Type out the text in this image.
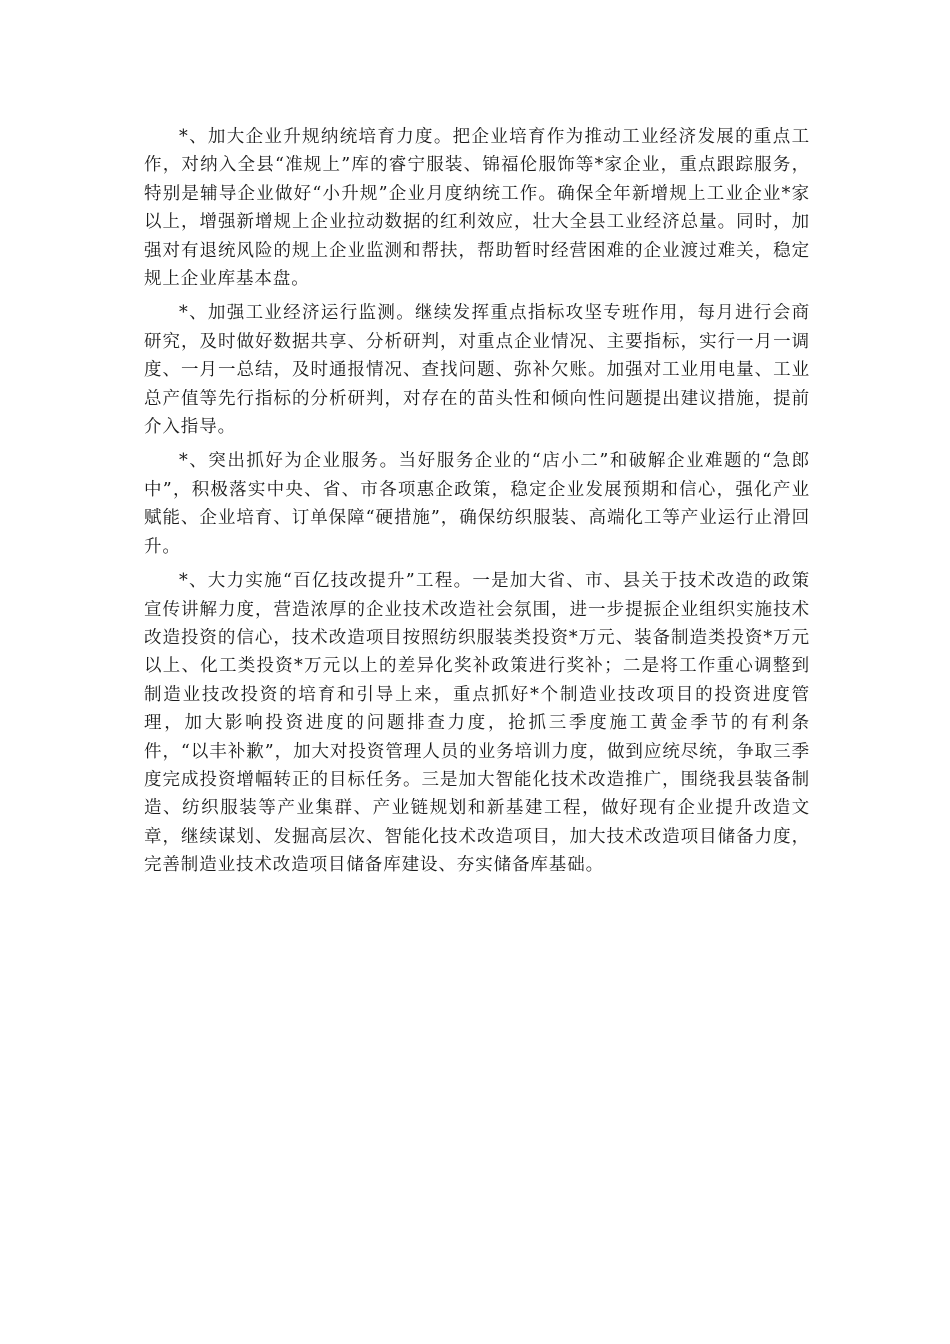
*、加大企业升规纳统培育力度。把企业培育作为推动工业经济发展的重点工作，对纳入全县“准规上”库的睿宁服装、锦福伦服饰等*家企业，重点跟踪服务，特别是辅导企业做好“小升规”企业月度纳统工作。确保全年新增规上工业企业*家以上，增强新增规上企业拉动数据的红利效应，壮大全县工业经济总量。同时，加强对有退统风险的规上企业监测和帮扶，帮助暂时经营困难的企业渡过难关，稳定规上企业库基本盘。

*、加强工业经济运行监测。继续发挥重点指标攻坚专班作用，每月进行会商研究，及时做好数据共享、分析研判，对重点企业情况、主要指标，实行一月一调度、一月一总结，及时通报情况、查找问题、弥补欠账。加强对工业用电量、工业总产值等先行指标的分析研判，对存在的苗头性和倾向性问题提出建议措施，提前介入指导。

*、突出抓好为企业服务。当好服务企业的“店小二”和破解企业难题的“急郎中”，积极落实中央、省、市各项惠企政策，稳定企业发展预期和信心，强化产业赋能、企业培育、订单保障“硬措施”，确保纺织服装、高端化工等产业运行止滑回升。

*、大力实施“百亿技改提升”工程。一是加大省、市、县关于技术改造的政策宣传讲解力度，营造浓厚的企业技术改造社会氛围，进一步提振企业组织实施技术改造投资的信心，技术改造项目按照纺织服装类投资*万元、装备制造类投资*万元以上、化工类投资*万元以上的差异化奖补政策进行奖补；二是将工作重心调整到制造业技改投资的培育和引导上来，重点抓好*个制造业技改项目的投资进度管理，加大影响投资进度的问题排查力度，抢抓三季度施工黄金季节的有利条件，“以丰补歉”，加大对投资管理人员的业务培训力度，做到应统尽统，争取三季度完成投资增幅转正的目标任务。三是加大智能化技术改造推广，围绕我县装备制造、纺织服装等产业集群、产业链规划和新基建工程，做好现有企业提升改造文章，继续谋划、发掘高层次、智能化技术改造项目，加大技术改造项目储备力度，完善制造业技术改造项目储备库建设、夯实储备库基础。
